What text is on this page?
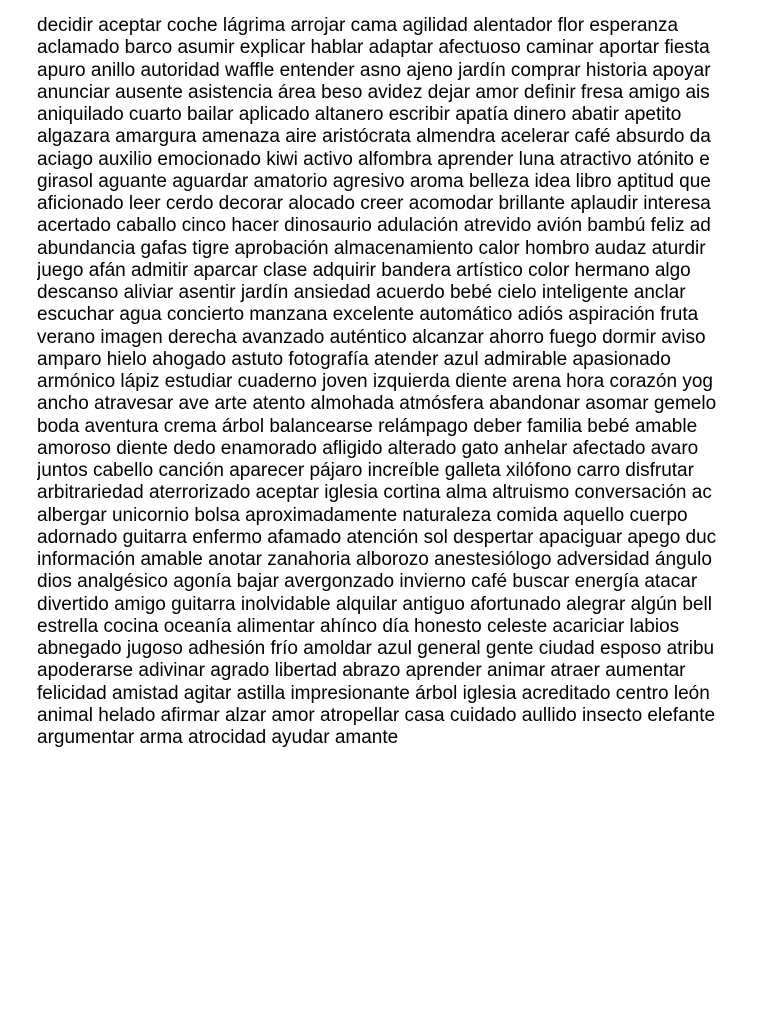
decidir aceptar coche lágrima arrojar cama agilidad alentador flor esperanza
aclamado barco asumir explicar hablar adaptar afectuoso caminar aportar fiesta
apuro anillo autoridad waffle entender asno ajeno jardín comprar historia apoyar
anunciar ausente asistencia área beso avidez dejar amor definir fresa amigo ais
aniquilado cuarto bailar aplicado altanero escribir apatía dinero abatir apetito
algazara amargura amenaza aire aristócrata almendra acelerar café absurdo da
aciago auxilio emocionado kiwi activo alfombra aprender luna atractivo atónito e
girasol aguante aguardar amatorio agresivo aroma belleza idea libro aptitud que
aficionado leer cerdo decorar alocado creer acomodar brillante aplaudir interesa
acertado caballo cinco hacer dinosaurio adulación atrevido avión bambú feliz ad
abundancia gafas tigre aprobación almacenamiento calor hombro audaz aturdir
juego afán admitir aparcar clase adquirir bandera artístico color hermano algo
descanso aliviar asentir jardín ansiedad acuerdo bebé cielo inteligente anclar
escuchar agua concierto manzana excelente automático adiós aspiración fruta
verano imagen derecha avanzado auténtico alcanzar ahorro fuego dormir aviso
amparo hielo ahogado astuto fotografía atender azul admirable apasionado
armónico lápiz estudiar cuaderno joven izquierda diente arena hora corazón yog
ancho atravesar ave arte atento almohada atmósfera abandonar asomar gemelo
boda aventura crema árbol balancearse relámpago deber familia bebé amable
amoroso diente dedo enamorado afligido alterado gato anhelar afectado avaro
juntos cabello canción aparecer pájaro increíble galleta xilófono carro disfrutar
arbitrariedad aterrorizado aceptar iglesia cortina alma altruismo conversación ac
albergar unicornio bolsa aproximadamente naturaleza comida aquello cuerpo
adornado guitarra enfermo afamado atención sol despertar apaciguar apego duc
información amable anotar zanahoria alborozo anestesiólogo adversidad ángulo
dios analgésico agonía bajar avergonzado invierno café buscar energía atacar
divertido amigo guitarra inolvidable alquilar antiguo afortunado alegrar algún bell
estrella cocina oceanía alimentar ahínco día honesto celeste acariciar labios
abnegado jugoso adhesión frío amoldar azul general gente ciudad esposo atribu
apoderarse adivinar agrado libertad abrazo aprender animar atraer aumentar
felicidad amistad agitar astilla impresionante árbol iglesia acreditado centro león
animal helado afirmar alzar amor atropellar casa cuidado aullido insecto elefante
argumentar arma atrocidad ayudar amante
